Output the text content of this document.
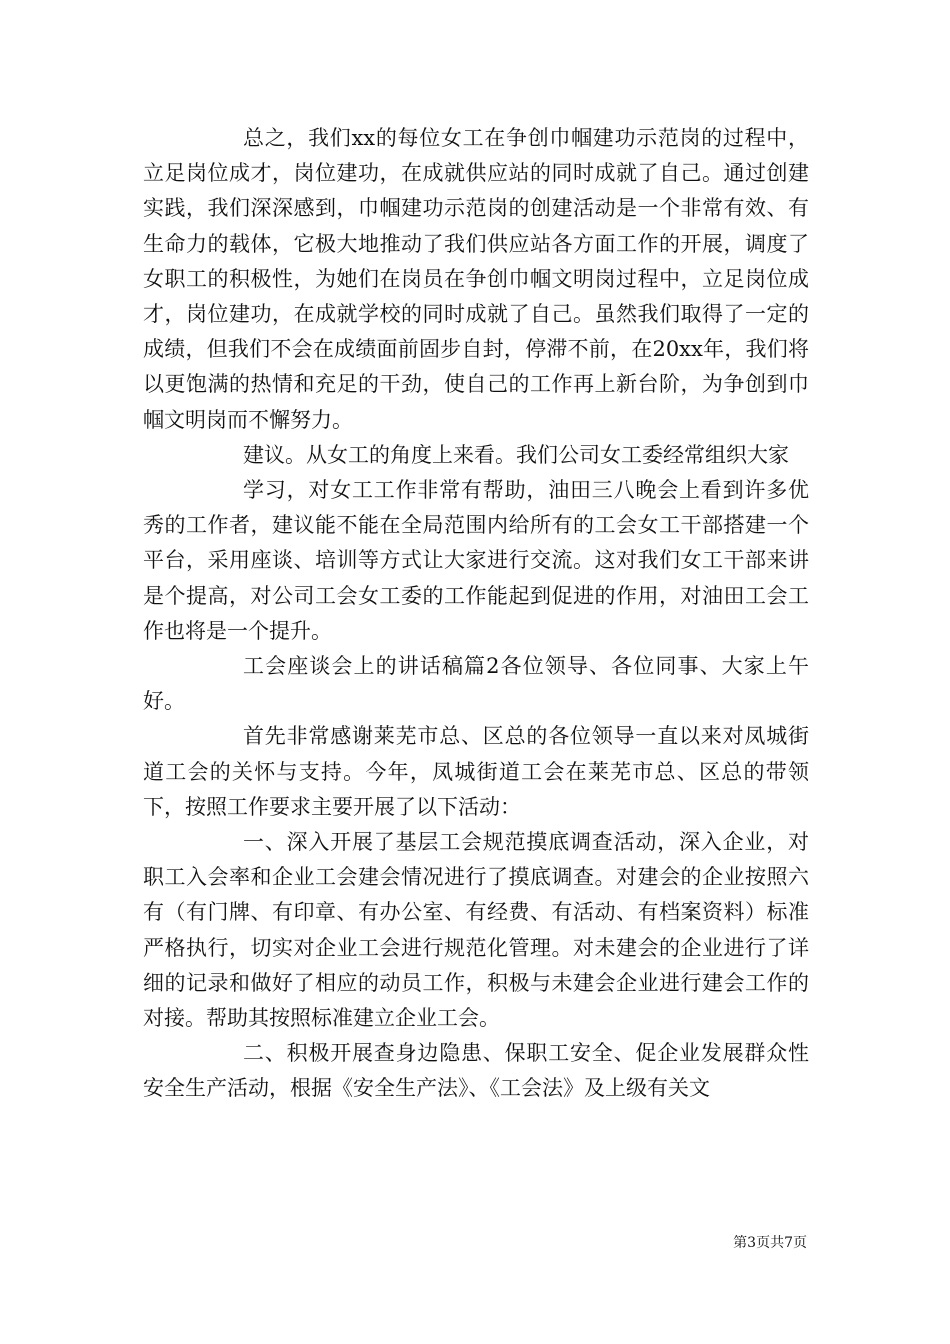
总之，我们xx的每位女工在争创巾帼建功示范岗的过程中，立足岗位成才，岗位建功，在成就供应站的同时成就了自己。通过创建实践，我们深深感到，巾帼建功示范岗的创建活动是一个非常有效、有生命力的载体，它极大地推动了我们供应站各方面工作的开展，调度了女职工的积极性，为她们在岗员在争创巾帼文明岗过程中，立足岗位成才，岗位建功，在成就学校的同时成就了自己。虽然我们取得了一定的成绩，但我们不会在成绩面前固步自封，停滞不前，在20xx年，我们将以更饱满的热情和充足的干劲，使自己的工作再上新台阶，为争创到巾帼文明岗而不懈努力。

建议。从女工的角度上来看。我们公司女工委经常组织大家

学习，对女工工作非常有帮助，油田三八晚会上看到许多优秀的工作者，建议能不能在全局范围内给所有的工会女工干部搭建一个平台，采用座谈、培训等方式让大家进行交流。这对我们女工干部来讲是个提高，对公司工会女工委的工作能起到促进的作用，对油田工会工作也将是一个提升。

工会座谈会上的讲话稿篇2各位领导、各位同事、大家上午好。

首先非常感谢莱芜市总、区总的各位领导一直以来对凤城街道工会的关怀与支持。今年，凤城街道工会在莱芜市总、区总的带领下，按照工作要求主要开展了以下活动：

一、深入开展了基层工会规范摸底调查活动，深入企业，对职工入会率和企业工会建会情况进行了摸底调查。对建会的企业按照六有（有门牌、有印章、有办公室、有经费、有活动、有档案资料）标准严格执行，切实对企业工会进行规范化管理。对未建会的企业进行了详细的记录和做好了相应的动员工作，积极与未建会企业进行建会工作的对接。帮助其按照标准建立企业工会。

二、积极开展查身边隐患、保职工安全、促企业发展群众性安全生产活动，根据《安全生产法》、《工会法》及上级有关文

第3页共7页
